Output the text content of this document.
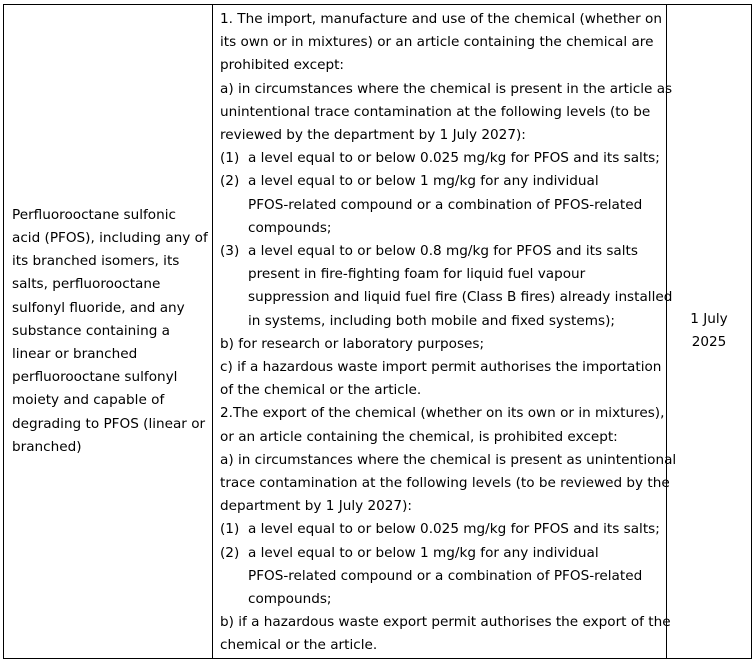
Perfluorooctane sulfonic
acid (PFOS), including any of
its branched isomers, its
salts, perfluorooctane
sulfonyl fluoride, and any
substance containing a
linear or branched
perfluorooctane sulfonyl
moiety and capable of
degrading to PFOS (linear or
branched)

1. The import, manufacture and use of the chemical (whether on
its own or in mixtures) or an article containing the chemical are
prohibited except:
a) in circumstances where the chemical is present in the article as
unintentional trace contamination at the following levels (to be
reviewed by the department by 1 July 2027):
(1) a level equal to or below 0.025 mg/kg for PFOS and its salts;
(2) a level equal to or below 1 mg/kg for any individual
PFOS-related compound or a combination of PFOS-related
compounds;
(3) a level equal to or below 0.8 mg/kg for PFOS and its salts
present in fire-fighting foam for liquid fuel vapour
suppression and liquid fuel fire (Class B fires) already installed
in systems, including both mobile and fixed systems);
b) for research or laboratory purposes;
c) if a hazardous waste import permit authorises the importation
of the chemical or the article.
2.The export of the chemical (whether on its own or in mixtures),
or an article containing the chemical, is prohibited except:
a) in circumstances where the chemical is present as unintentional
trace contamination at the following levels (to be reviewed by the
department by 1 July 2027):
(1) a level equal to or below 0.025 mg/kg for PFOS and its salts;
(2) a level equal to or below 1 mg/kg for any individual
PFOS-related compound or a combination of PFOS-related
compounds;
b) if a hazardous waste export permit authorises the export of the
chemical or the article.

1 July
2025
